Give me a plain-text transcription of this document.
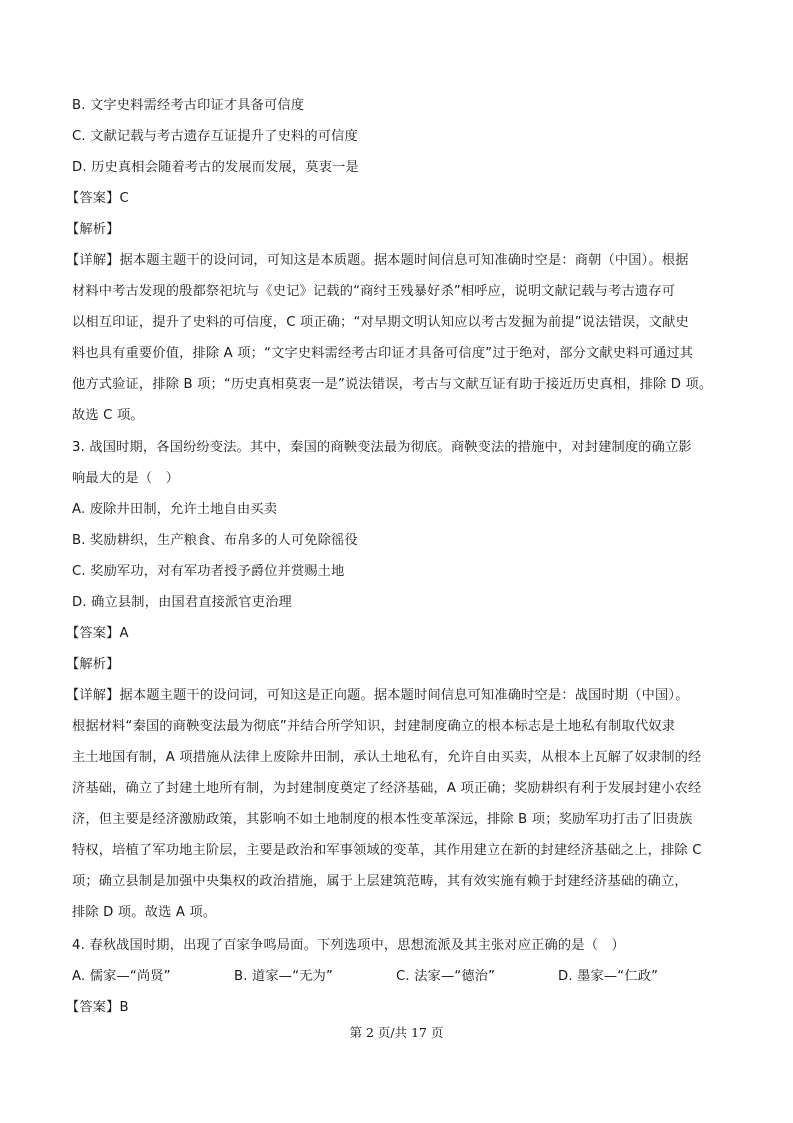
B. 文字史料需经考古印证才具备可信度
C. 文献记载与考古遗存互证提升了史料的可信度
D. 历史真相会随着考古的发展而发展，莫衷一是
【答案】C
【解析】
【详解】据本题主题干的设问词，可知这是本质题。据本题时间信息可知准确时空是：商朝（中国）。根据
材料中考古发现的殷都祭祀坑与《史记》记载的“商纣王残暴好杀”相呼应，说明文献记载与考古遗存可
以相互印证，提升了史料的可信度，C 项正确；“对早期文明认知应以考古发掘为前提”说法错误，文献史
料也具有重要价值，排除 A 项；“文字史料需经考古印证才具备可信度”过于绝对，部分文献史料可通过其
他方式验证，排除 B 项；“历史真相莫衷一是”说法错误，考古与文献互证有助于接近历史真相，排除 D 项。
故选 C 项。
3. 战国时期，各国纷纷变法。其中，秦国的商鞅变法最为彻底。商鞅变法的措施中，对封建制度的确立影
响最大的是（　）
A. 废除井田制，允许土地自由买卖
B. 奖励耕织，生产粮食、布帛多的人可免除徭役
C. 奖励军功，对有军功者授予爵位并赏赐土地
D. 确立县制，由国君直接派官吏治理
【答案】A
【解析】
【详解】据本题主题干的设问词，可知这是正向题。据本题时间信息可知准确时空是：战国时期（中国）。
根据材料“秦国的商鞅变法最为彻底”并结合所学知识，封建制度确立的根本标志是土地私有制取代奴隶
主土地国有制，A 项措施从法律上废除井田制，承认土地私有，允许自由买卖，从根本上瓦解了奴隶制的经
济基础，确立了封建土地所有制，为封建制度奠定了经济基础，A 项正确；奖励耕织有利于发展封建小农经
济，但主要是经济激励政策，其影响不如土地制度的根本性变革深远，排除 B 项；奖励军功打击了旧贵族
特权，培植了军功地主阶层，主要是政治和军事领域的变革，其作用建立在新的封建经济基础之上，排除 C
项；确立县制是加强中央集权的政治措施，属于上层建筑范畴，其有效实施有赖于封建经济基础的确立，
排除 D 项。故选 A 项。
4. 春秋战国时期，出现了百家争鸣局面。下列选项中，思想流派及其主张对应正确的是（　）
A. 儒家—“尚贤”	B. 道家—“无为”	C. 法家—“德治”	D. 墨家—“仁政”
【答案】B
第 2 页/共 17 页
